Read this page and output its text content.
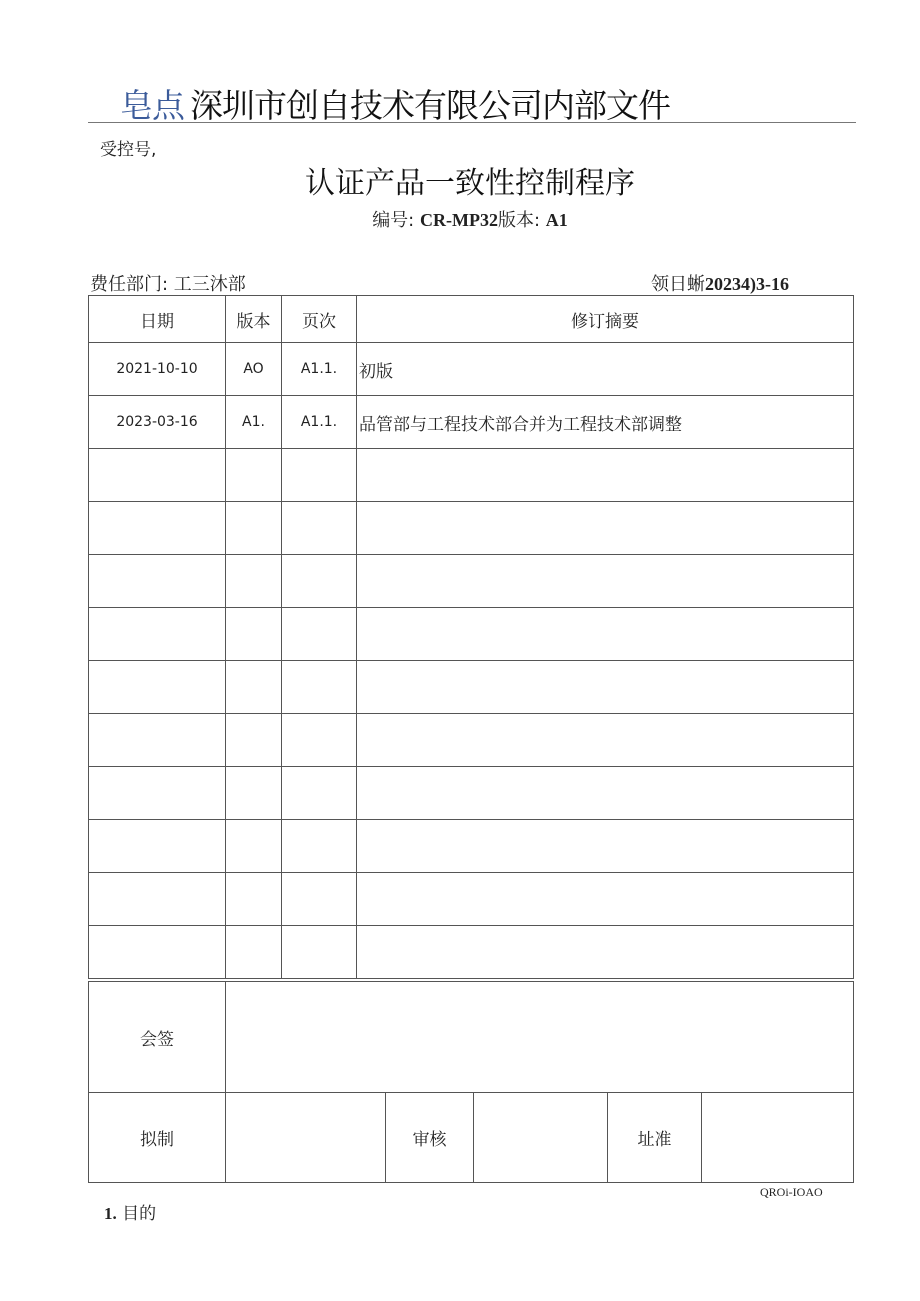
皂点 深圳市创自技术有限公司内部文件
受控号,
认证产品一致性控制程序
编号: CR-MP32版本: A1
费任部门: 工三沐部	领日蜥20234)3-16
日期	版本	页次	修订摘要
2021-10-10	AO	A1.1.	初版
2023-03-16	A1.	A1.1.	品管部与工程技术部合并为工程技术部调整

会签					
拟制		审核		址准	
QROi-IOAO
1. 目的
